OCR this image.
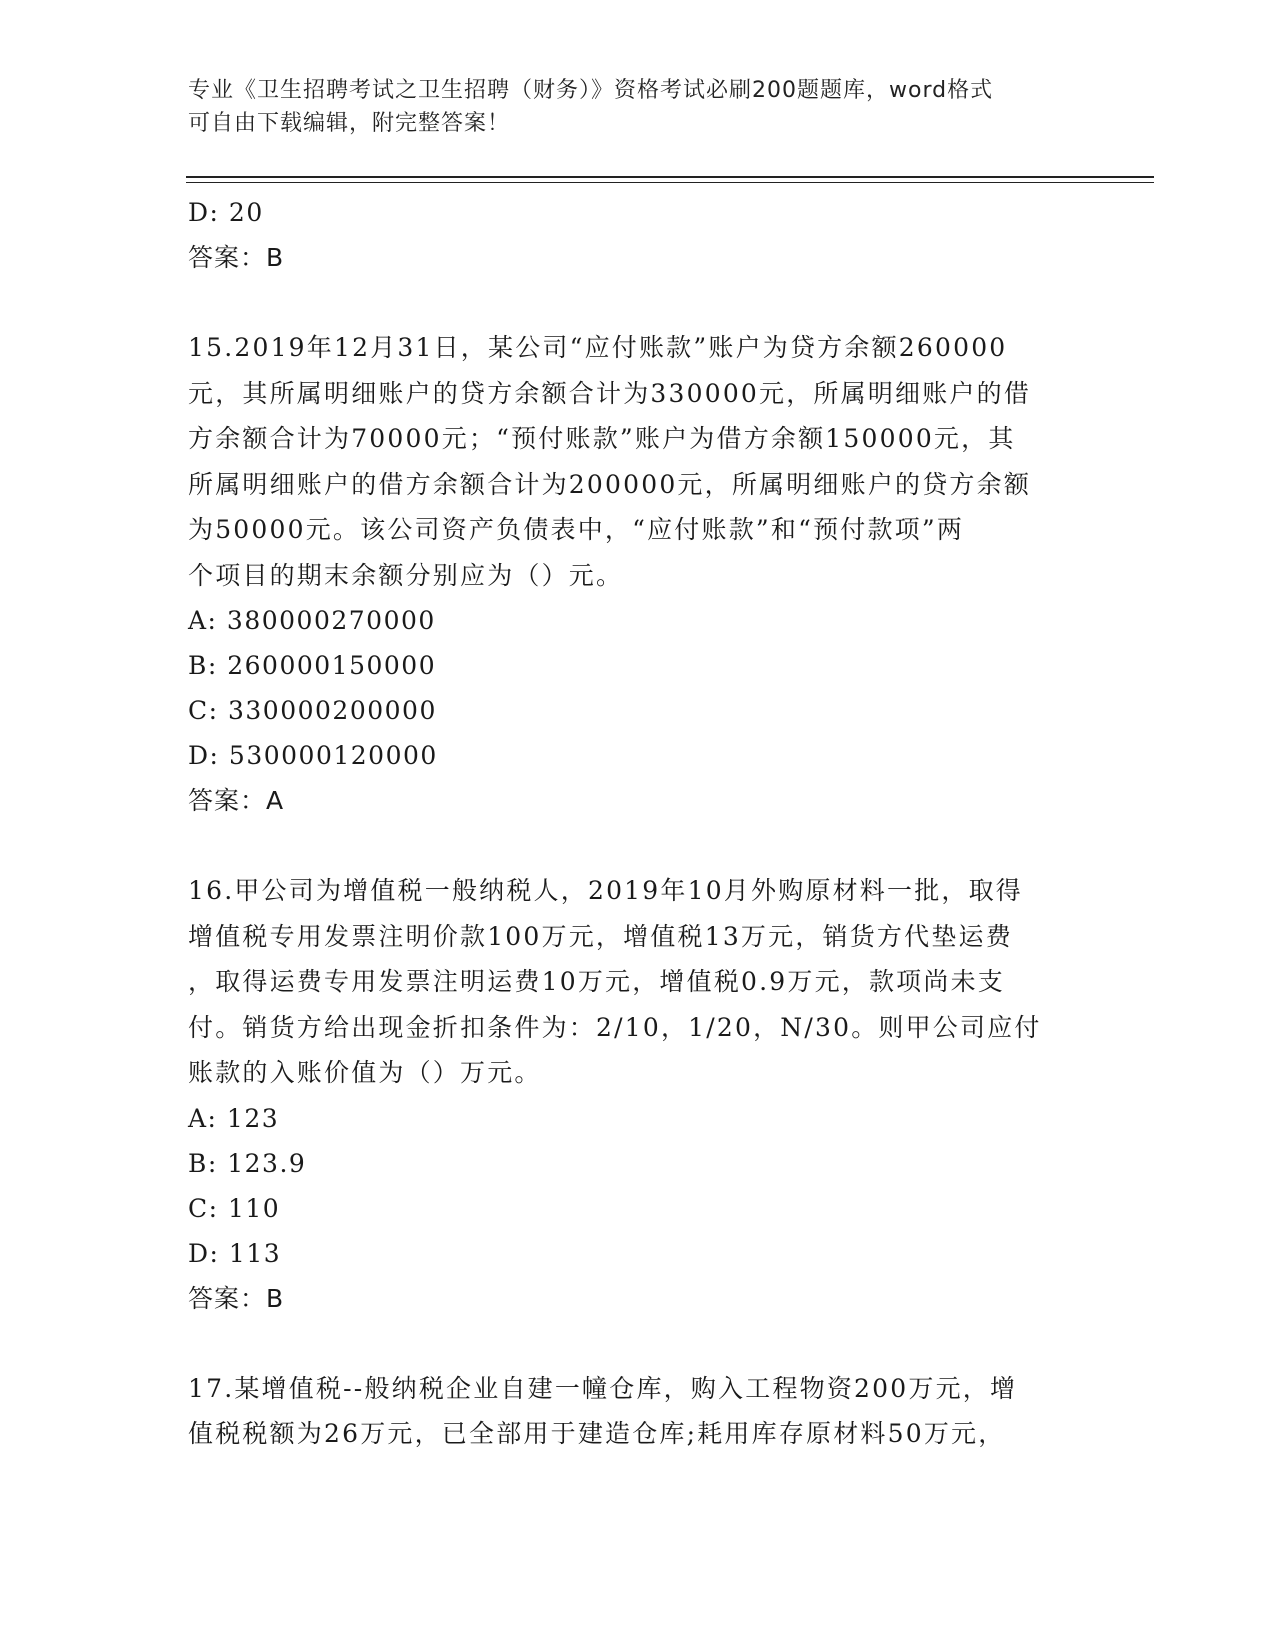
专业《卫生招聘考试之卫生招聘（财务）》资格考试必刷200题题库，word格式
可自由下载编辑，附完整答案！

D: 20

答案：B

15.2019年12月31日，某公司“应付账款”账户为贷方余额260000

元，其所属明细账户的贷方余额合计为330000元，所属明细账户的借

方余额合计为70000元；“预付账款”账户为借方余额150000元，其

所属明细账户的借方余额合计为200000元，所属明细账户的贷方余额

为50000元。该公司资产负债表中，“应付账款”和“预付款项”两

个项目的期末余额分别应为（）元。

A: 380000270000

B: 260000150000

C: 330000200000

D: 530000120000

答案：A

16.甲公司为增值税一般纳税人，2019年10月外购原材料一批，取得

增值税专用发票注明价款100万元，增值税13万元，销货方代垫运费

，取得运费专用发票注明运费10万元，增值税0.9万元，款项尚未支

付。销货方给出现金折扣条件为：2/10，1/20，N/30。则甲公司应付

账款的入账价值为（）万元。

A: 123

B: 123.9

C: 110

D: 113

答案：B

17.某增值税--般纳税企业自建一幢仓库，购入工程物资200万元，增

值税税额为26万元，已全部用于建造仓库;耗用库存原材料50万元，
